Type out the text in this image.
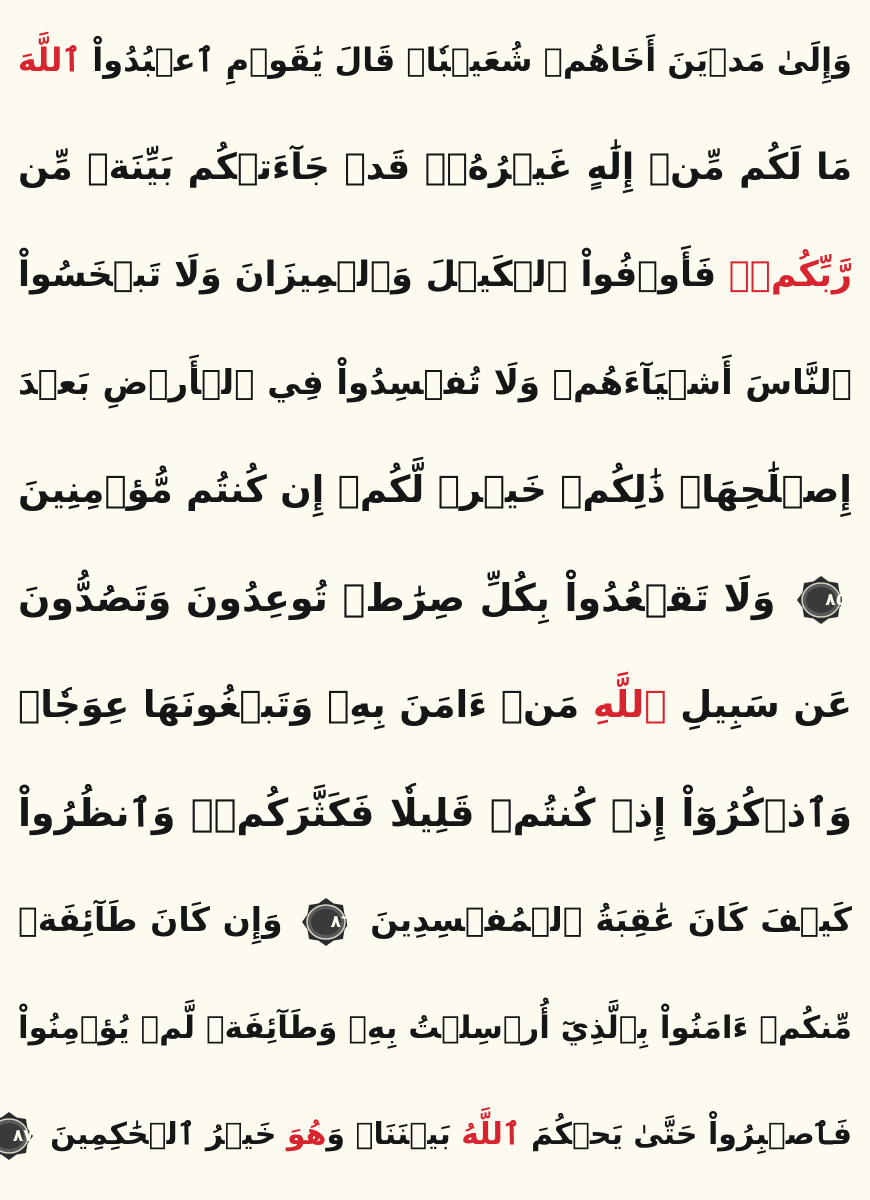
وَإِلَىٰ مَدۡيَنَ أَخَاهُمۡ شُعَيۡبٗاۚ قَالَ يَٰقَوۡمِ ٱعۡبُدُواْ ٱللَّهَ
مَا لَكُم مِّنۡ إِلَٰهٍ غَيۡرُهُۥۖ قَدۡ جَآءَتۡكُم بَيِّنَةٞ مِّن
رَّبِّكُمۡۖ فَأَوۡفُواْ ٱلۡكَيۡلَ وَٱلۡمِيزَانَ وَلَا تَبۡخَسُواْ
ٱلنَّاسَ أَشۡيَآءَهُمۡ وَلَا تُفۡسِدُواْ فِي ٱلۡأَرۡضِ بَعۡدَ
إِصۡلَٰحِهَاۚ ذَٰلِكُمۡ خَيۡرٞ لَّكُمۡ إِن كُنتُم مُّؤۡمِنِينَ
٨٥
وَلَا تَقۡعُدُواْ بِكُلِّ صِرَٰطٖ تُوعِدُونَ وَتَصُدُّونَ
عَن سَبِيلِ ٱللَّهِ مَنۡ ءَامَنَ بِهِۦ وَتَبۡغُونَهَا عِوَجٗاۚ
وَٱذۡكُرُوٓاْ إِذۡ كُنتُمۡ قَلِيلٗا فَكَثَّرَكُمۡۖ وَٱنظُرُواْ
كَيۡفَ كَانَ عَٰقِبَةُ ٱلۡمُفۡسِدِينَ
٨٦
وَإِن كَانَ طَآئِفَةٞ
مِّنكُمۡ ءَامَنُواْ بِٱلَّذِيٓ أُرۡسِلۡتُ بِهِۦ وَطَآئِفَةٞ لَّمۡ يُؤۡمِنُواْ
فَٱصۡبِرُواْ حَتَّىٰ يَحۡكُمَ ٱللَّهُ بَيۡنَنَاۚ وَهُوَ خَيۡرُ ٱلۡحَٰكِمِينَ
٨٧
